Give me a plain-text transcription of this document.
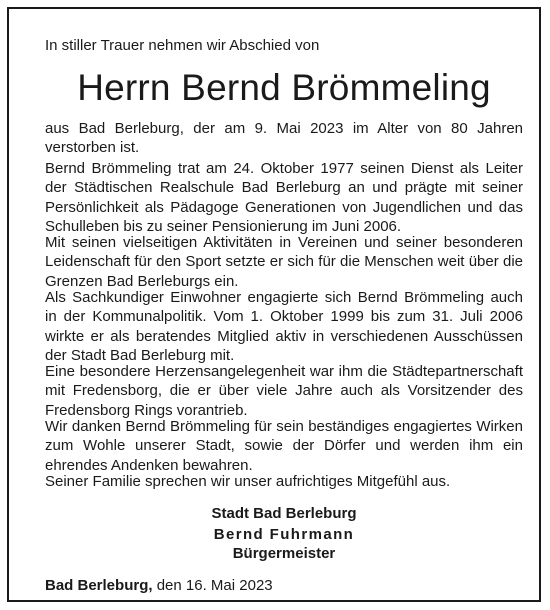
In stiller Trauer nehmen wir Abschied von
Herrn Bernd Brömmeling

aus Bad Berleburg, der am 9. Mai 2023 im Alter von 80 Jahren verstorben ist.

Bernd Brömmeling trat am 24. Oktober 1977 seinen Dienst als Leiter der Städtischen Realschule Bad Berleburg an und prägte mit seiner Persönlichkeit als Pädagoge Generationen von Jugendlichen und das Schulleben bis zu seiner Pensionierung im Juni 2006.

Mit seinen vielseitigen Aktivitäten in Vereinen und seiner besonderen Leidenschaft für den Sport setzte er sich für die Menschen weit über die Grenzen Bad Berleburgs ein.

Als Sachkundiger Einwohner engagierte sich Bernd Brömmeling auch in der Kommunalpolitik. Vom 1. Oktober 1999 bis zum 31. Juli 2006 wirkte er als beratendes Mitglied aktiv in verschiedenen Ausschüssen der Stadt Bad Berleburg mit.

Eine besondere Herzensangelegenheit war ihm die Städtepartnerschaft mit Fredensborg, die er über viele Jahre auch als Vorsitzender des Fredensborg Rings vorantrieb.

Wir danken Bernd Brömmeling für sein beständiges engagiertes Wirken zum Wohle unserer Stadt, sowie der Dörfer und werden ihm ein ehrendes Andenken bewahren.

Seiner Familie sprechen wir unser aufrichtiges Mitgefühl aus.

Stadt Bad Berleburg
Bernd Fuhrmann
Bürgermeister
Bad Berleburg, den 16. Mai 2023
